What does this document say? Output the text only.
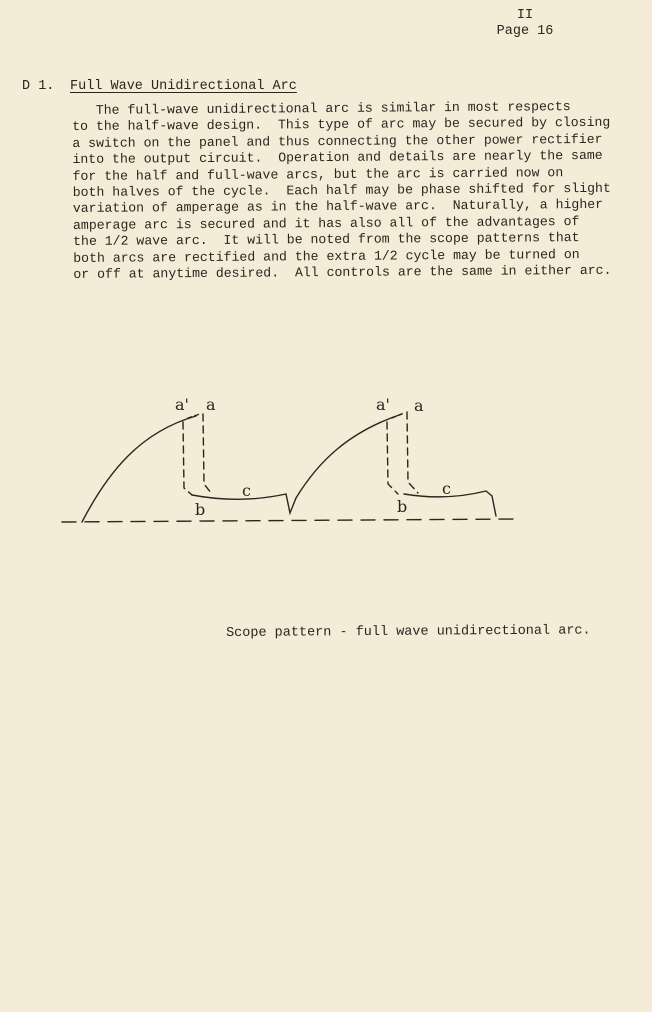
II
Page 16
D 1. Full Wave Unidirectional Arc
The full-wave unidirectional arc is similar in most respects
to the half-wave design.  This type of arc may be secured by closing
a switch on the panel and thus connecting the other power rectifier
into the output circuit.  Operation and details are nearly the same
for the half and full-wave arcs, but the arc is carried now on
both halves of the cycle.  Each half may be phase shifted for slight
variation of amperage as in the half-wave arc.  Naturally, a higher
amperage arc is secured and it has also all of the advantages of
the 1/2 wave arc.  It will be noted from the scope patterns that
both arcs are rectified and the extra 1/2 cycle may be turned on
or off at anytime desired.  All controls are the same in either arc.
a' a
c
b
a' a
c
b
Scope pattern - full wave unidirectional arc.
